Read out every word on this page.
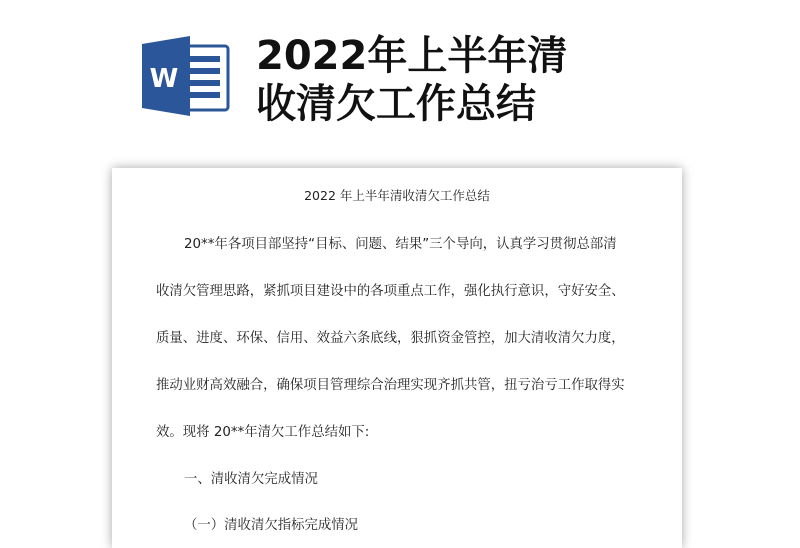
W 2022年上半年清
收清欠工作总结
2022 年上半年清收清欠工作总结
20**年各项目部坚持“目标、问题、结果”三个导向，认真学习贯彻总部清
收清欠管理思路，紧抓项目建设中的各项重点工作，强化执行意识，守好安全、
质量、进度、环保、信用、效益六条底线，狠抓资金管控，加大清收清欠力度，
推动业财高效融合，确保项目管理综合治理实现齐抓共管，扭亏治亏工作取得实
效。现将 20**年清欠工作总结如下:
一、清收清欠完成情况
（一）清收清欠指标完成情况
